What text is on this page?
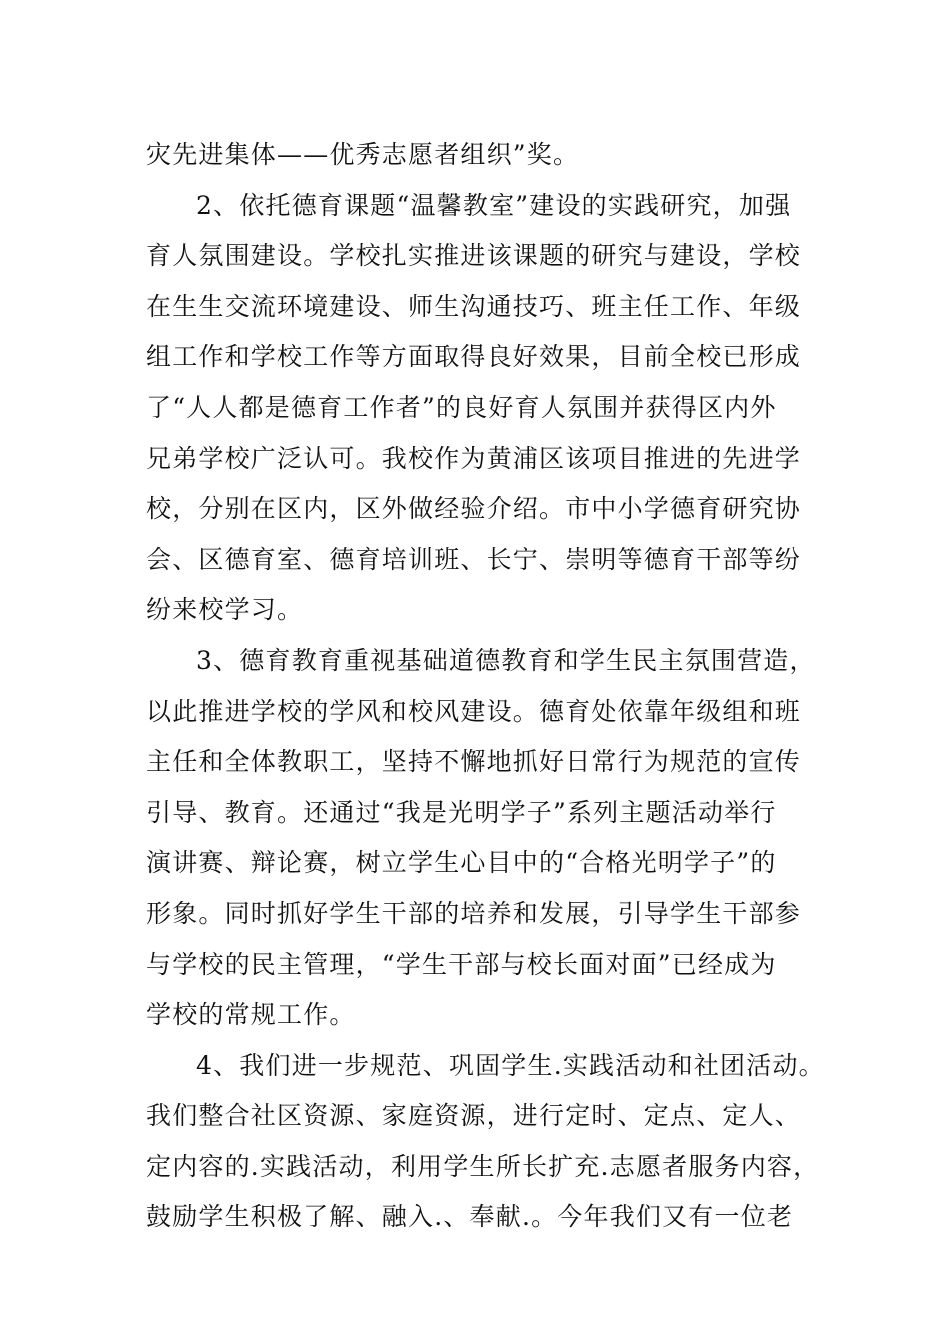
灾先进集体——优秀志愿者组织”奖。
2、依托德育课题“温馨教室”建设的实践研究，加强
育人氛围建设。学校扎实推进该课题的研究与建设，学校
在生生交流环境建设、师生沟通技巧、班主任工作、年级
组工作和学校工作等方面取得良好效果，目前全校已形成
了“人人都是德育工作者”的良好育人氛围并获得区内外
兄弟学校广泛认可。我校作为黄浦区该项目推进的先进学
校，分别在区内，区外做经验介绍。市中小学德育研究协
会、区德育室、德育培训班、长宁、崇明等德育干部等纷
纷来校学习。
3、德育教育重视基础道德教育和学生民主氛围营造，
以此推进学校的学风和校风建设。德育处依靠年级组和班
主任和全体教职工，坚持不懈地抓好日常行为规范的宣传
引导、教育。还通过“我是光明学子”系列主题活动举行
演讲赛、辩论赛，树立学生心目中的“合格光明学子”的
形象。同时抓好学生干部的培养和发展，引导学生干部参
与学校的民主管理，“学生干部与校长面对面”已经成为
学校的常规工作。
4、我们进一步规范、巩固学生.实践活动和社团活动。
我们整合社区资源、家庭资源，进行定时、定点、定人、
定内容的.实践活动，利用学生所长扩充.志愿者服务内容，
鼓励学生积极了解、融入.、奉献.。今年我们又有一位老
